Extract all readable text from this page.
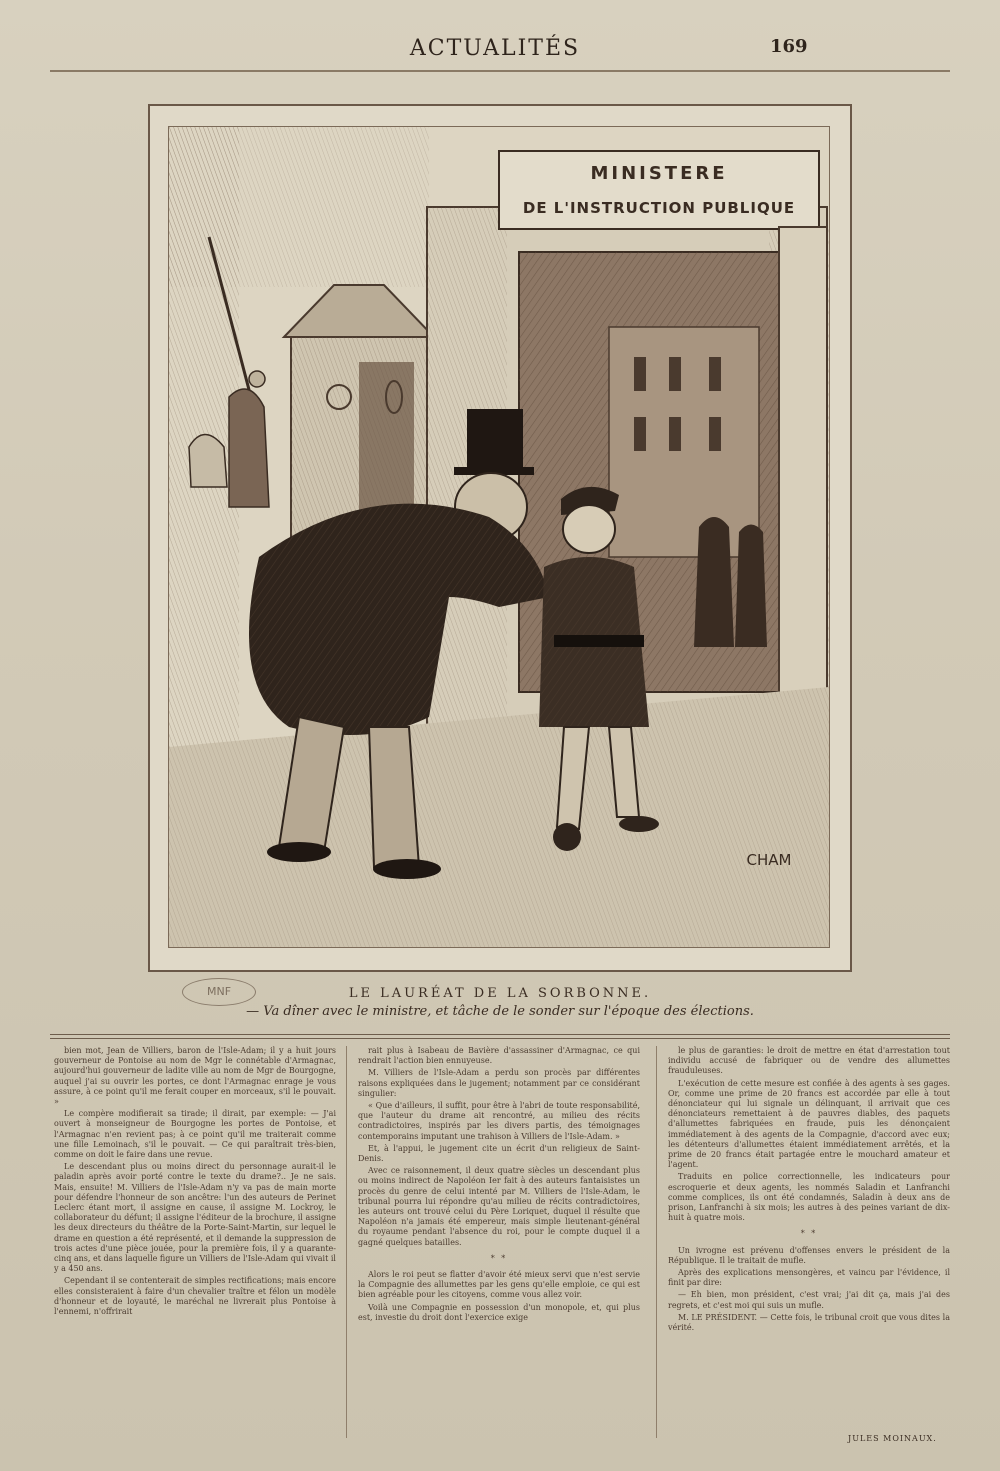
ACTUALITÉS	169
MINISTERE
DE L'INSTRUCTION PUBLIQUE
CHAM
MNF	LE LAURÉAT DE LA SORBONNE.
— Va dîner avec le ministre, et tâche de le sonder sur l'époque des élections.

bien mot, Jean de Villiers, baron de l'Isle-Adam; il y a huit jours gouverneur de Pontoise au nom de Mgr le connétable d'Armagnac, aujourd'hui gouverneur de ladite ville au nom de Mgr de Bourgogne, auquel j'ai su ouvrir les portes, ce dont l'Armagnac enrage je vous assure, à ce point qu'il me ferait couper en morceaux, s'il le pouvait. »

Le compère modifierait sa tirade; il dirait, par exemple: — J'ai ouvert à monseigneur de Bourgogne les portes de Pontoise, et l'Armagnac n'en revient pas; à ce point qu'il me traiterait comme une fille Lemoinach, s'il le pouvait. — Ce qui paraîtrait très-bien, comme on doit le faire dans une revue.

Le descendant plus ou moins direct du personnage aurait-il le paladin après avoir porté contre le texte du drame?.. Je ne sais. Mais, ensuite! M. Villiers de l'Isle-Adam n'y va pas de main morte pour défendre l'honneur de son ancêtre: l'un des auteurs de Perinet Leclerc étant mort, il assigne en cause, il assigne M. Lockroy, le collaborateur du défunt; il assigne l'éditeur de la brochure, il assigne les deux directeurs du théâtre de la Porte-Saint-Martin, sur lequel le drame en question a été représenté, et il demande la suppression de trois actes d'une pièce jouée, pour la première fois, il y a quarante-cinq ans, et dans laquelle figure un Villiers de l'Isle-Adam qui vivait il y a 450 ans.

Cependant il se contenterait de simples rectifications; mais encore elles consisteraient à faire d'un chevalier traître et félon un modèle d'honneur et de loyauté, le maréchal ne livrerait plus Pontoise à l'ennemi, n'offrirait

rait plus à Isabeau de Bavière d'assassiner d'Armagnac, ce qui rendrait l'action bien ennuyeuse.

M. Villiers de l'Isle-Adam a perdu son procès par différentes raisons expliquées dans le jugement; notamment par ce considérant singulier:

« Que d'ailleurs, il suffit, pour être à l'abri de toute responsabilité, que l'auteur du drame ait rencontré, au milieu des récits contradictoires, inspirés par les divers partis, des témoignages contemporains imputant une trahison à Villiers de l'Isle-Adam. »

Et, à l'appui, le jugement cite un écrit d'un religieux de Saint-Denis.

Avec ce raisonnement, il deux quatre siècles un descendant plus ou moins indirect de Napoléon Ier fait à des auteurs fantaisistes un procès du genre de celui intenté par M. Villiers de l'Isle-Adam, le tribunal pourra lui répondre qu'au milieu de récits contradictoires, les auteurs ont trouvé celui du Père Loriquet, duquel il résulte que Napoléon n'a jamais été empereur, mais simple lieutenant-général du royaume pendant l'absence du roi, pour le compte duquel il a gagné quelques batailles.

* *

Alors le roi peut se flatter d'avoir été mieux servi que n'est servie la Compagnie des allumettes par les gens qu'elle emploie, ce qui est bien agréable pour les citoyens, comme vous allez voir.

Voilà une Compagnie en possession d'un monopole, et, qui plus est, investie du droit dont l'exercice exige

le plus de garanties: le droit de mettre en état d'arrestation tout individu accusé de fabriquer ou de vendre des allumettes frauduleuses.

L'exécution de cette mesure est confiée à des agents à ses gages. Or, comme une prime de 20 francs est accordée par elle à tout dénonciateur qui lui signale un délinquant, il arrivait que ces dénonciateurs remettaient à de pauvres diables, des paquets d'allumettes fabriquées en fraude, puis les dénonçaient immédiatement à des agents de la Compagnie, d'accord avec eux; les détenteurs d'allumettes étaient immédiatement arrêtés, et la prime de 20 francs était partagée entre le mouchard amateur et l'agent.

Traduits en police correctionnelle, les indicateurs pour escroquerie et deux agents, les nommés Saladin et Lanfranchi comme complices, ils ont été condamnés, Saladin à deux ans de prison, Lanfranchi à six mois; les autres à des peines variant de dix-huit à quatre mois.

* *

Un ivrogne est prévenu d'offenses envers le président de la République. Il le traitait de mufle.

Après des explications mensongères, et vaincu par l'évidence, il finit par dire:

— Eh bien, mon président, c'est vrai; j'ai dit ça, mais j'ai des regrets, et c'est moi qui suis un mufle.

M. LE PRÉSIDENT. — Cette fois, le tribunal croit que vous dites la vérité.

JULES MOINAUX.
